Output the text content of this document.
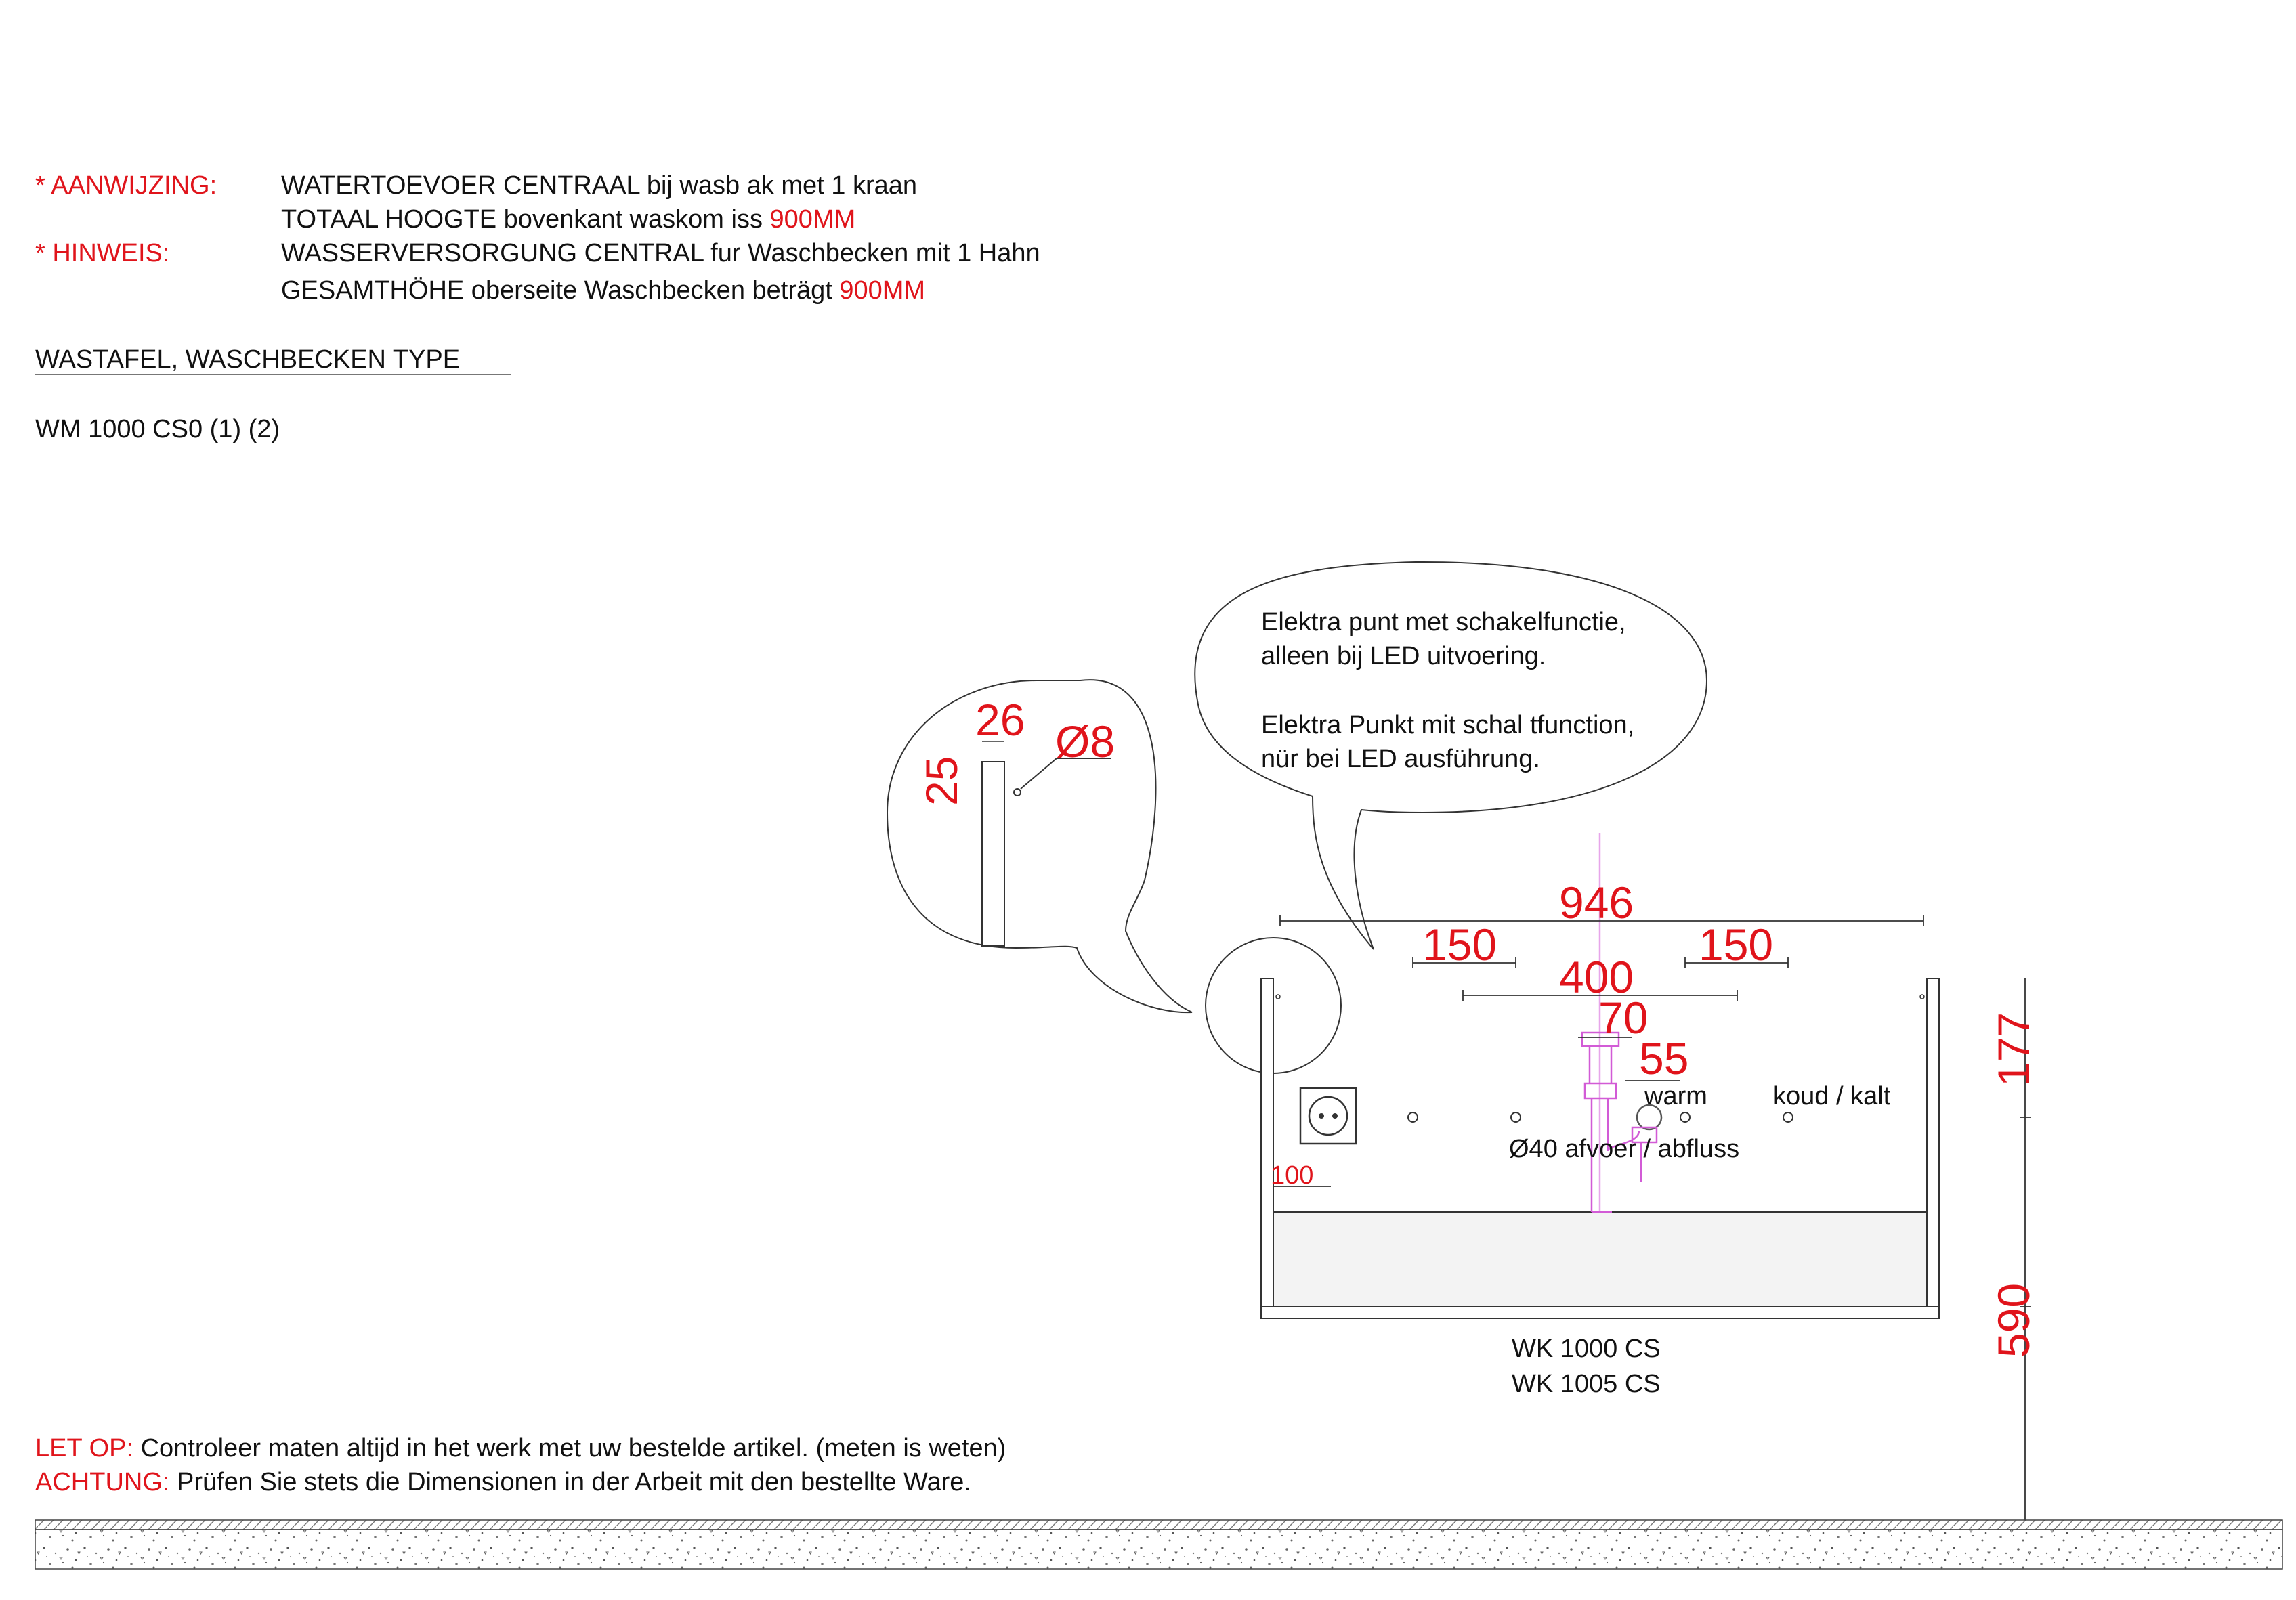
* AANWIJZING: WATERTOEVOER CENTRAAL bij wasb ak met 1 kraan
TOTAAL HOOGTE bovenkant waskom iss 900MM
* HINWEIS:	WASSERVERSORGUNG CENTRAL fur Waschbecken mit 1 Hahn
GESAMTHÖHE oberseite Waschbecken beträgt 900MM
WASTAFEL, WASCHBECKEN TYPE
WM 1000 CS0 (1) (2)
Elektra punt met schakelfunctie,
alleen bij LED uitvoering.
Elektra Punkt mit schal tfunction,
nür bei LED ausführung.
26
25
Ø8
946
150	150
400
70
55	177
590
100
warm	koud / kalt
Ø40 afvoer / abfluss
WK 1000 CS
WK 1005 CS
LET OP: Controleer maten altijd in het werk met uw bestelde artikel. (meten is weten)
ACHTUNG: Prüfen Sie stets die Dimensionen in der Arbeit mit den bestellte Ware.
